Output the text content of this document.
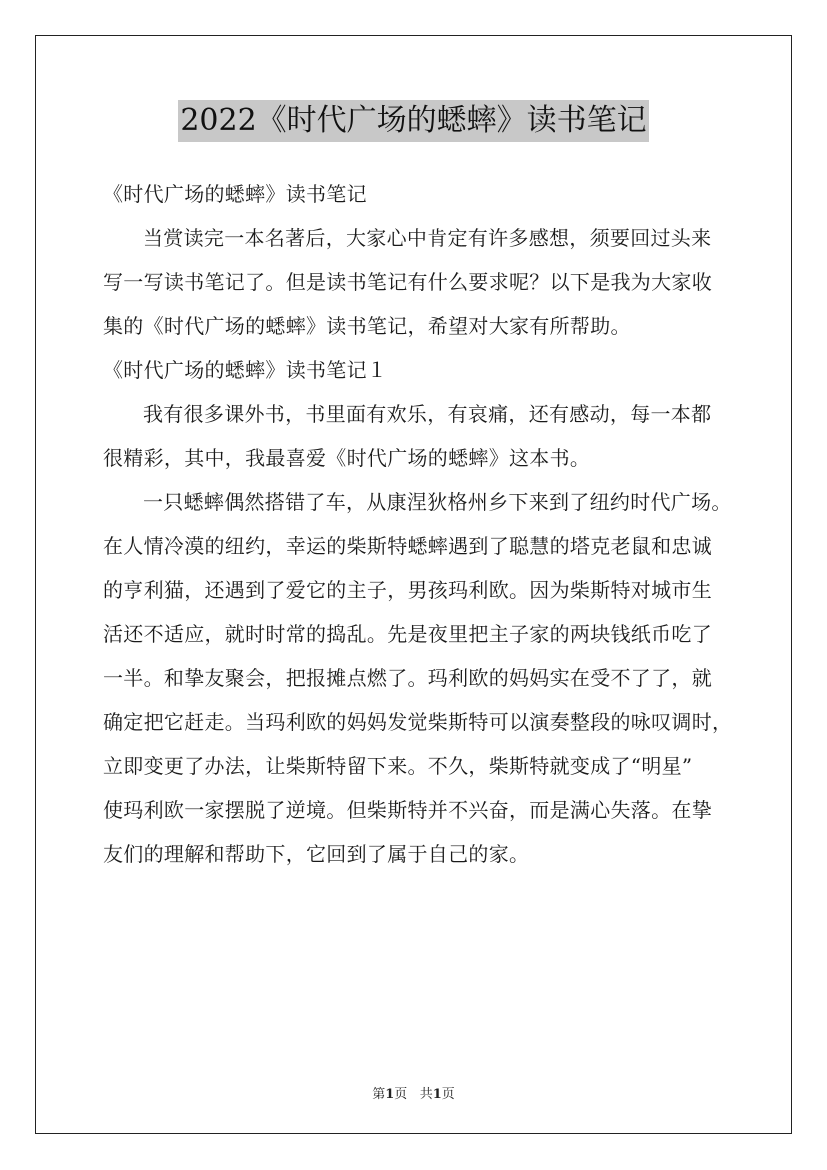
2022《时代广场的蟋蟀》读书笔记
《时代广场的蟋蟀》读书笔记
当赏读完一本名著后，大家心中肯定有许多感想，须要回过头来
写一写读书笔记了。但是读书笔记有什么要求呢？以下是我为大家收
集的《时代广场的蟋蟀》读书笔记，希望对大家有所帮助。
《时代广场的蟋蟀》读书笔记１
我有很多课外书，书里面有欢乐，有哀痛，还有感动，每一本都
很精彩，其中，我最喜爱《时代广场的蟋蟀》这本书。
一只蟋蟀偶然搭错了车，从康涅狄格州乡下来到了纽约时代广场。
在人情冷漠的纽约，幸运的柴斯特蟋蟀遇到了聪慧的塔克老鼠和忠诚
的亨利猫，还遇到了爱它的主子，男孩玛利欧。因为柴斯特对城市生
活还不适应，就时时常的捣乱。先是夜里把主子家的两块钱纸币吃了
一半。和挚友聚会，把报摊点燃了。玛利欧的妈妈实在受不了了，就
确定把它赶走。当玛利欧的妈妈发觉柴斯特可以演奏整段的咏叹调时，
立即变更了办法，让柴斯特留下来。不久，柴斯特就变成了“明星”
使玛利欧一家摆脱了逆境。但柴斯特并不兴奋，而是满心失落。在挚
友们的理解和帮助下，它回到了属于自己的家。
第1页 共1页
